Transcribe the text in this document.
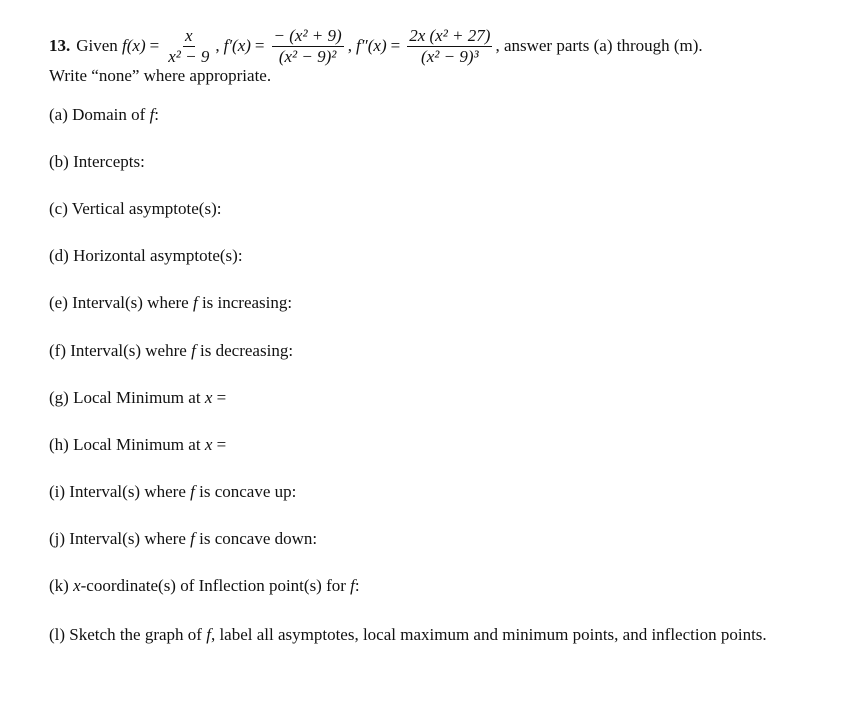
13. Given
$f(x) = \frac{x}{\text{x² − 9}}$ , $f'(x) = \frac{\text{− (x² + 9)}}{\text{(x² − 9)²}}$ , $f''(x) = \frac{\text{2x (x² + 27)}}{\text{(x² − 9)³}}$ , answer parts (a) through (m).
Write “none” where appropriate.
(a) Domain of f:
(b) Intercepts:
(c) Vertical asymptote(s):
(d) Horizontal asymptote(s):
(e) Interval(s) where f is increasing:
(f) Interval(s) wehre f is decreasing:
(g) Local Minimum at x =
(h) Local Minimum at x =
(i) Interval(s) where f is concave up:
(j) Interval(s) where f is concave down:
(k) x-coordinate(s) of Inflection point(s) for f:
(l) Sketch the graph of f, label all asymptotes, local maximum and minimum points, and inflection points.
